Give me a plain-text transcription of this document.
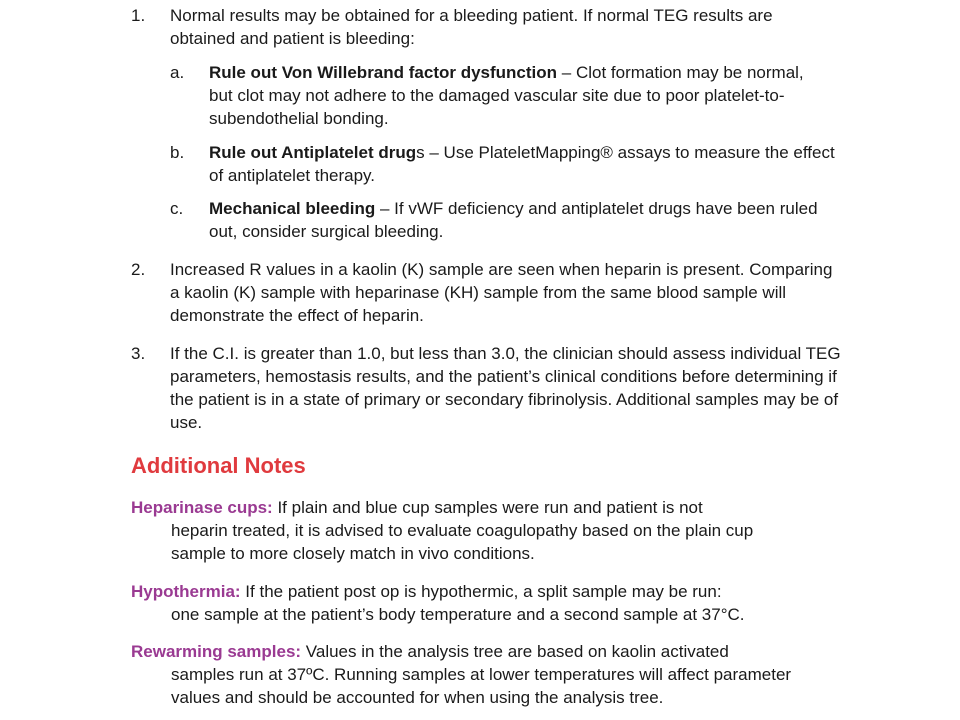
1. Normal results may be obtained for a bleeding patient. If normal TEG results are obtained and patient is bleeding:
a. Rule out Von Willebrand factor dysfunction – Clot formation may be normal, but clot may not adhere to the damaged vascular site due to poor platelet-to-subendothelial bonding.
b. Rule out Antiplatelet drugs – Use PlateletMapping® assays to measure the effect of antiplatelet therapy.
c. Mechanical bleeding – If vWF deficiency and antiplatelet drugs have been ruled out, consider surgical bleeding.
2. Increased R values in a kaolin (K) sample are seen when heparin is present. Comparing a kaolin (K) sample with heparinase (KH) sample from the same blood sample will demonstrate the effect of heparin.
3. If the C.I. is greater than 1.0, but less than 3.0, the clinician should assess individual TEG parameters, hemostasis results, and the patient’s clinical conditions before determining if the patient is in a state of primary or secondary fibrinolysis. Additional samples may be of use.
Additional Notes
Heparinase cups: If plain and blue cup samples were run and patient is not
heparin treated, it is advised to evaluate coagulopathy based on the plain cup sample to more closely match in vivo conditions.
Hypothermia: If the patient post op is hypothermic, a split sample may be run:
one sample at the patient’s body temperature and a second sample at 37°C.
Rewarming samples: Values in the analysis tree are based on kaolin activated
samples run at 37ºC. Running samples at lower temperatures will affect parameter values and should be accounted for when using the analysis tree.
